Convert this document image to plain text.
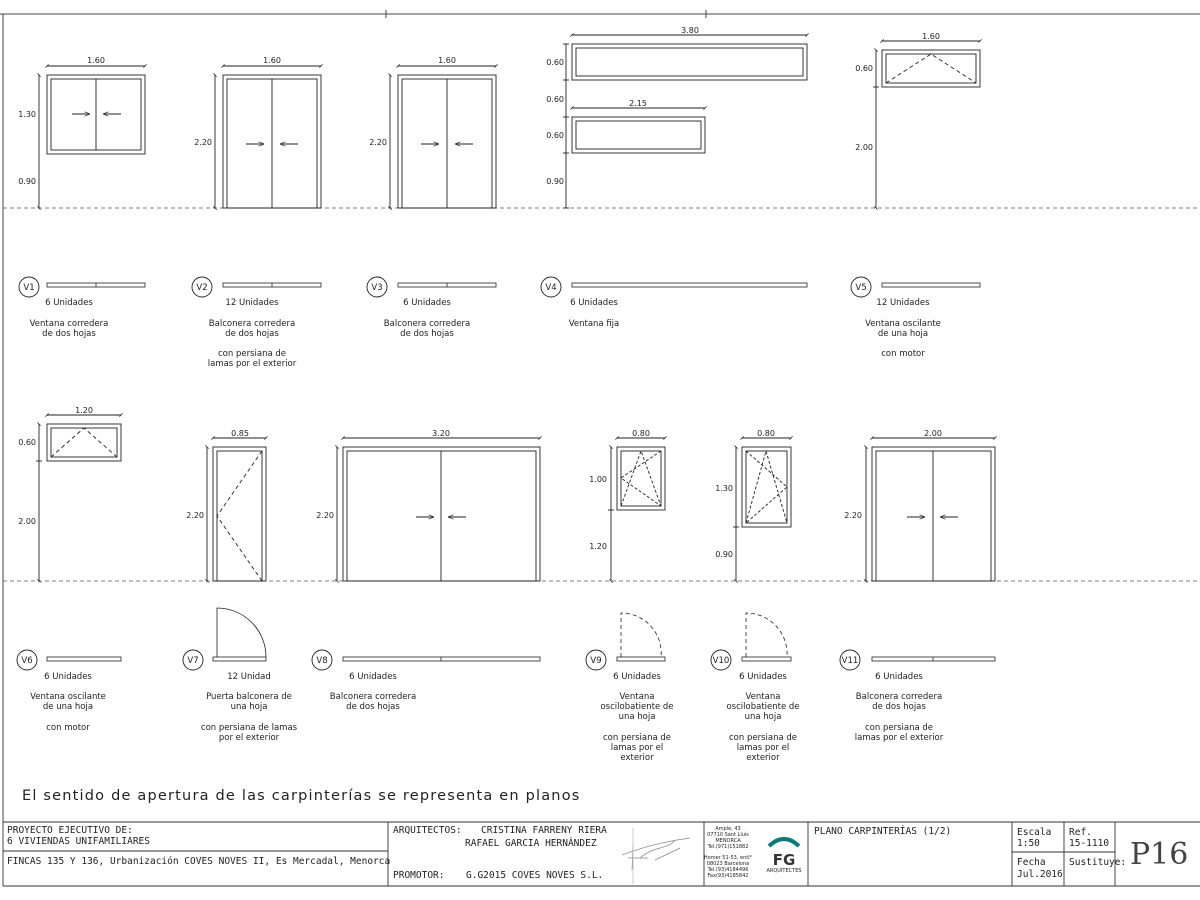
1.60
1.30
0.90
1.60
2.20
1.60
2.20
3.80
2.15
0.60
0.60
0.60
0.90
1.60
0.60
2.00
1.20
0.60
2.00
0.85
2.20
3.20
2.20
0.80
1.00
1.20
0.80
1.30
0.90
2.00
2.20
V1
6 Unidades
Ventana corredera
de dos hojas
V2
12 Unidades
Balconera corredera
de dos hojas
con persiana de
lamas por el exterior
V3
6 Unidades
Balconera corredera
de dos hojas
V4
6 Unidades
Ventana fija
V5
12 Unidades
Ventana oscilante
de una hoja
con motor
V6
6 Unidades
Ventana oscilante
de una hoja
con motor
V7
12 Unidad
Puerta balconera de
una hoja
con persiana de lamas
por el exterior
V8
6 Unidades
Balconera corredera
de dos hojas
V9
6 Unidades
Ventana
oscilobatiente de
una hoja
con persiana de
lamas por el
exterior
V10
6 Unidades
Ventana
oscilobatiente de
una hoja
con persiana de
lamas por el
exterior
V11
6 Unidades
Balconera corredera
de dos hojas
con persiana de
lamas por el exterior
El sentido de apertura de las carpinterías se representa en planos
PROYECTO EJECUTIVO DE:
6 VIVIENDAS UNIFAMILIARES
FINCAS 135 Y 136, Urbanización COVES NOVES II, Es Mercadal, Menorca
ARQUITECTOS: CRISTINA FARRENY RIERA
RAFAEL GARCIA HERNÁNDEZ
PROMOTOR: G.G2015 COVES NOVES S.L.
Ample, 43
07710 Sant Lluís
MENORCA
Tel.(971)151882
Homer 51-53, entl°
08023 Barcelona
Tel.(93)4184496
Fax(93)4185842
FG
ARQUITECTES
PLANO CARPINTERÍAS (1/2)	Escala
1:50
Fecha
Jul.2016
Ref.
15-1110
Sustituye: P16
